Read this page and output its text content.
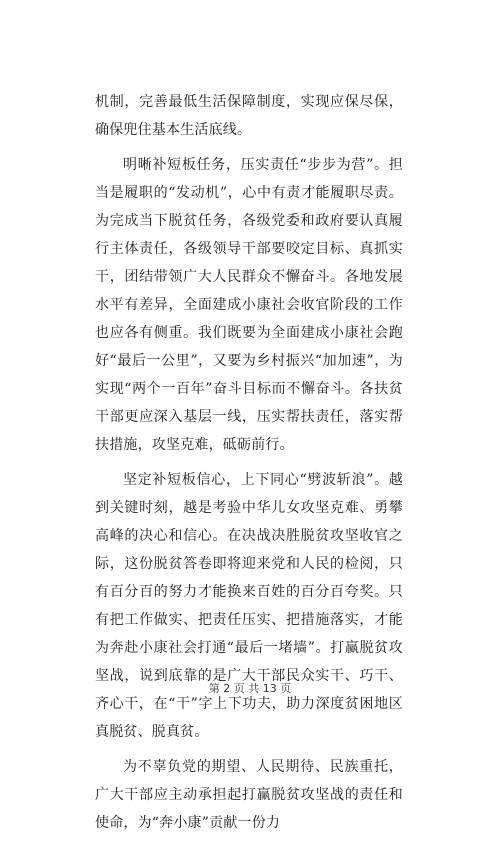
机制，完善最低生活保障制度，实现应保尽保，确保兜住基本生活底线。

明晰补短板任务，压实责任“步步为营”。担当是履职的“发动机”，心中有责才能履职尽责。为完成当下脱贫任务，各级党委和政府要认真履行主体责任，各级领导干部要咬定目标、真抓实干，团结带领广大人民群众不懈奋斗。各地发展水平有差异，全面建成小康社会收官阶段的工作也应各有侧重。我们既要为全面建成小康社会跑好“最后一公里”，又要为乡村振兴“加加速”，为实现“两个一百年”奋斗目标而不懈奋斗。各扶贫干部更应深入基层一线，压实帮扶责任，落实帮扶措施，攻坚克难，砥砺前行。

坚定补短板信心，上下同心“劈波斩浪”。越到关键时刻，越是考验中华儿女攻坚克难、勇攀高峰的决心和信心。在决战决胜脱贫攻坚收官之际，这份脱贫答卷即将迎来党和人民的检阅，只有百分百的努力才能换来百姓的百分百夸奖。只有把工作做实、把责任压实、把措施落实，才能为奔赴小康社会打通“最后一堵墙”。打赢脱贫攻坚战，说到底靠的是广大干部民众实干、巧干、齐心干，在“干”字上下功夫，助力深度贫困地区真脱贫、脱真贫。

为不辜负党的期望、人民期待、民族重托，广大干部应主动承担起打赢脱贫攻坚战的责任和使命，为“奔小康”贡献一份力

第 2 页 共 13 页
